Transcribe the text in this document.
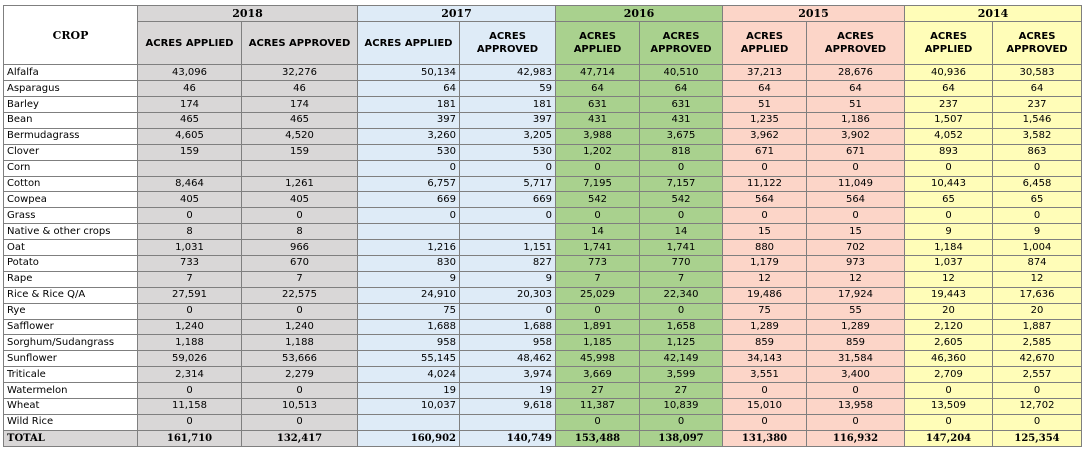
CROP	2018		2017		2016		2015		2014	
	ACRES APPLIED	ACRES APPROVED	ACRES APPLIED	ACRES APPROVED	ACRES APPLIED	ACRES APPROVED	ACRES APPLIED	ACRES APPROVED	ACRES APPLIED	ACRES APPROVED
Alfalfa	43,096	32,276	50,134	42,983	47,714	40,510	37,213	28,676	40,936	30,583
Asparagus	46	46	64	59	64	64	64	64	64	64
Barley	174	174	181	181	631	631	51	51	237	237
Bean	465	465	397	397	431	431	1,235	1,186	1,507	1,546
Bermudagrass	4,605	4,520	3,260	3,205	3,988	3,675	3,962	3,902	4,052	3,582
Clover	159	159	530	530	1,202	818	671	671	893	863
Corn			0	0	0	0	0	0	0	0
Cotton	8,464	1,261	6,757	5,717	7,195	7,157	11,122	11,049	10,443	6,458
Cowpea	405	405	669	669	542	542	564	564	65	65
Grass	0	0	0	0	0	0	0	0	0	0
Native & other crops	8	8			14	14	15	15	9	9
Oat	1,031	966	1,216	1,151	1,741	1,741	880	702	1,184	1,004
Potato	733	670	830	827	773	770	1,179	973	1,037	874
Rape	7	7	9	9	7	7	12	12	12	12
Rice & Rice Q/A	27,591	22,575	24,910	20,303	25,029	22,340	19,486	17,924	19,443	17,636
Rye	0	0	75	0	0	0	75	55	20	20
Safflower	1,240	1,240	1,688	1,688	1,891	1,658	1,289	1,289	2,120	1,887
Sorghum/Sudangrass	1,188	1,188	958	958	1,185	1,125	859	859	2,605	2,585
Sunflower	59,026	53,666	55,145	48,462	45,998	42,149	34,143	31,584	46,360	42,670
Triticale	2,314	2,279	4,024	3,974	3,669	3,599	3,551	3,400	2,709	2,557
Watermelon	0	0	19	19	27	27	0	0	0	0
Wheat	11,158	10,513	10,037	9,618	11,387	10,839	15,010	13,958	13,509	12,702
Wild Rice	0	0			0	0	0	0	0	0
TOTAL	161,710	132,417	160,902	140,749	153,488	138,097	131,380	116,932	147,204	125,354
